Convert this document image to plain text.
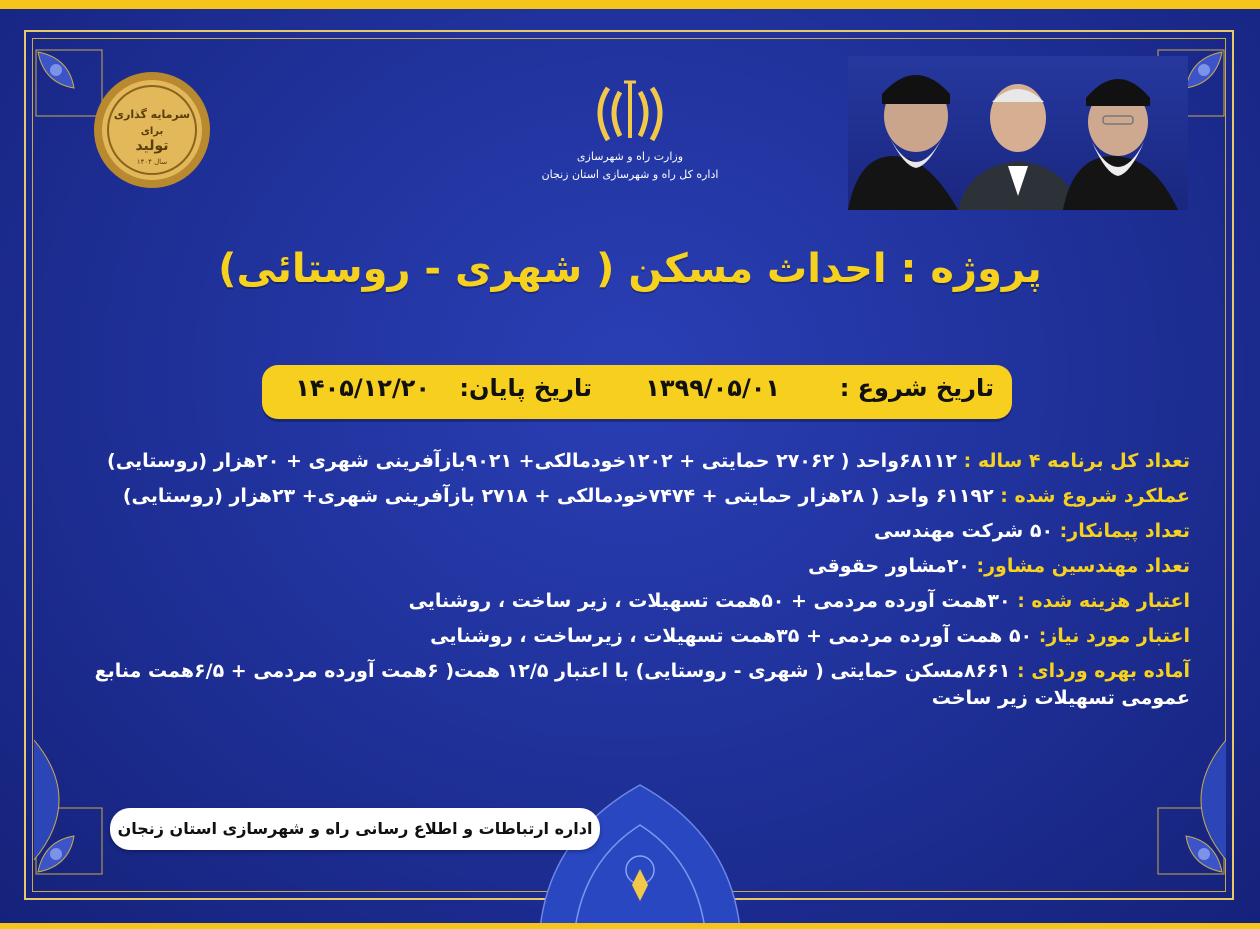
سرمایه گذاری
برای
تولید
سال ۱۴۰۴	وزارت راه و شهرسازی
اداره کل راه و شهرسازی استان زنجان
پروژه : احداث مسکن ( شهری - روستائی)
تاریخ شروع :
۱۳۹۹/۰۵/۰۱
تاریخ پایان:
۱۴۰۵/۱۲/۲۰
تعداد کل برنامه ۴ ساله : ۶۸۱۱۲واحد ( ۲۷۰۶۲ حمایتی + ۱۲۰۲خودمالکی+ ۹۰۲۱بازآفرینی شهری + ۲۰هزار (روستایی)
عملکرد شروع شده : ۶۱۱۹۲ واحد ( ۲۸هزار حمایتی + ۷۴۷۴خودمالکی + ۲۷۱۸ بازآفرینی شهری+ ۲۳هزار (روستایی)
تعداد پیمانکار: ۵۰ شرکت مهندسی
تعداد مهندسین مشاور: ۲۰مشاور حقوقی
اعتبار هزینه شده : ۳۰همت آورده مردمی + ۵۰همت تسهیلات ، زیر ساخت ، روشنایی
اعتبار مورد نیاز: ۵۰ همت آورده مردمی + ۳۵همت تسهیلات ، زیرساخت ، روشنایی
آماده بهره وردای : ۸۶۶۱مسکن حمایتی ( شهری - روستایی) با اعتبار ۱۲/۵ همت( ۶همت آورده مردمی + ۶/۵همت منابع عمومی تسهیلات زیر ساخت
اداره ارتباطات و اطلاع رسانی راه و شهرسازی استان زنجان
